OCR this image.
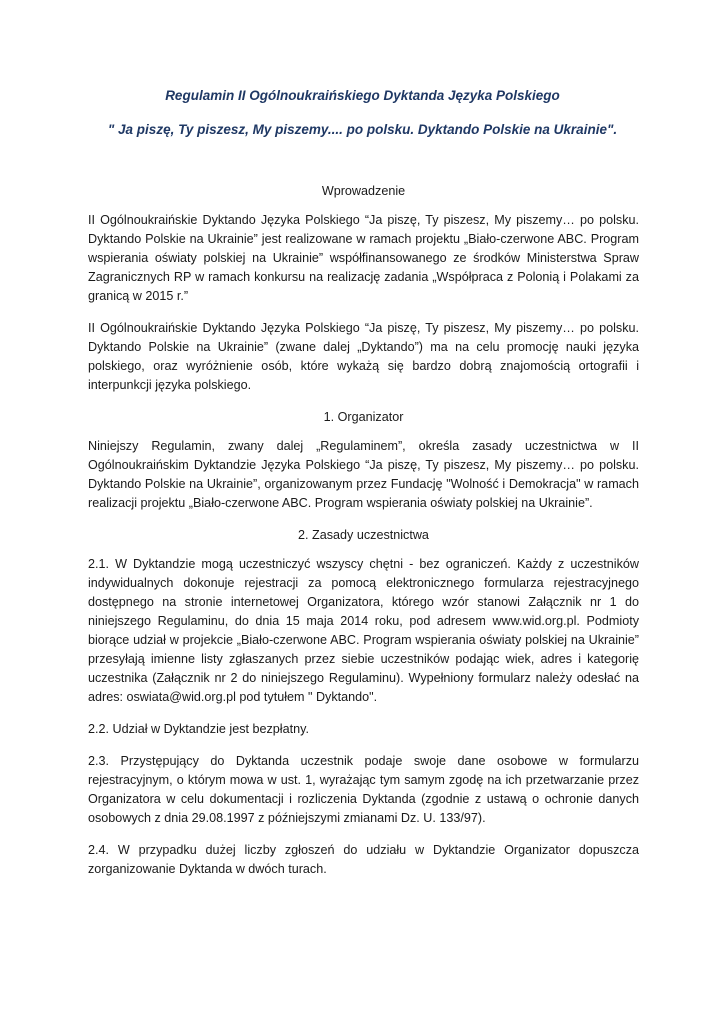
Regulamin II Ogólnoukraińskiego Dyktanda Języka Polskiego

" Ja piszę, Ty piszesz, My piszemy.... po polsku. Dyktando Polskie na Ukrainie".

Wprowadzenie

II Ogólnoukraińskie Dyktando Języka Polskiego “Ja piszę, Ty piszesz, My piszemy… po polsku. Dyktando Polskie na Ukrainie” jest realizowane w ramach projektu „Biało-czerwone ABC. Program wspierania oświaty polskiej na Ukrainie” współfinansowanego ze środków Ministerstwa Spraw Zagranicznych RP w ramach konkursu na realizację zadania „Współpraca z Polonią i Polakami za granicą w 2015 r.”

II Ogólnoukraińskie Dyktando Języka Polskiego “Ja piszę, Ty piszesz, My piszemy… po polsku. Dyktando Polskie na Ukrainie” (zwane dalej „Dyktando”) ma na celu promocję nauki języka polskiego, oraz wyróżnienie osób, które wykażą się bardzo dobrą znajomością ortografii i interpunkcji języka polskiego.

1. Organizator

Niniejszy Regulamin, zwany dalej „Regulaminem”, określa zasady uczestnictwa w II Ogólnoukraińskim Dyktandzie Języka Polskiego “Ja piszę, Ty piszesz, My piszemy… po polsku. Dyktando Polskie na Ukrainie”, organizowanym przez Fundację "Wolność i Demokracja" w ramach realizacji projektu „Biało-czerwone ABC. Program wspierania oświaty polskiej na Ukrainie”.

2. Zasady uczestnictwa

2.1. W Dyktandzie mogą uczestniczyć wszyscy chętni - bez ograniczeń. Każdy z uczestników indywidualnych dokonuje rejestracji za pomocą elektronicznego formularza rejestracyjnego dostępnego na stronie internetowej Organizatora, którego wzór stanowi Załącznik nr 1 do niniejszego Regulaminu, do dnia 15 maja 2014 roku, pod adresem www.wid.org.pl. Podmioty biorące udział w projekcie „Biało-czerwone ABC. Program wspierania oświaty polskiej na Ukrainie” przesyłają imienne listy zgłaszanych przez siebie uczestników podając wiek, adres i kategorię uczestnika (Załącznik nr 2 do niniejszego Regulaminu). Wypełniony formularz należy odesłać na adres: oswiata@wid.org.pl pod tytułem " Dyktando".

2.2. Udział w Dyktandzie jest bezpłatny.

2.3. Przystępujący do Dyktanda uczestnik podaje swoje dane osobowe w formularzu rejestracyjnym, o którym mowa w ust. 1, wyrażając tym samym zgodę na ich przetwarzanie przez Organizatora w celu dokumentacji i rozliczenia Dyktanda (zgodnie z ustawą o ochronie danych osobowych z dnia 29.08.1997 z późniejszymi zmianami Dz. U. 133/97).

2.4. W przypadku dużej liczby zgłoszeń do udziału w Dyktandzie Organizator dopuszcza zorganizowanie Dyktanda w dwóch turach.
